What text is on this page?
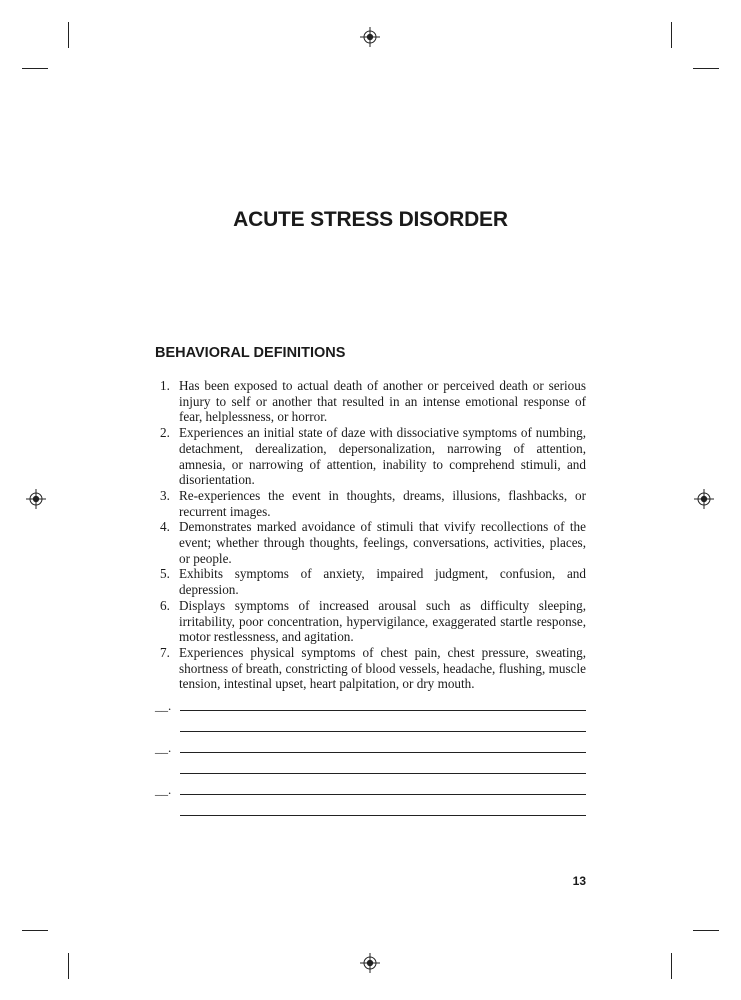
ACUTE STRESS DISORDER
BEHAVIORAL DEFINITIONS
1. Has been exposed to actual death of another or perceived death or serious injury to self or another that resulted in an intense emotional response of fear, helplessness, or horror.
2. Experiences an initial state of daze with dissociative symptoms of numbing, detachment, derealization, depersonalization, narrowing of attention, amnesia, or narrowing of attention, inability to comprehend stimuli, and disorientation.
3. Re-experiences the event in thoughts, dreams, illusions, flashbacks, or recurrent images.
4. Demonstrates marked avoidance of stimuli that vivify recollections of the event; whether through thoughts, feelings, conversations, activities, places, or people.
5. Exhibits symptoms of anxiety, impaired judgment, confusion, and depression.
6. Displays symptoms of increased arousal such as difficulty sleeping, irritability, poor concentration, hypervigilance, exaggerated startle response, motor restlessness, and agitation.
7. Experiences physical symptoms of chest pain, chest pressure, sweating, shortness of breath, constricting of blood vessels, headache, flushing, muscle tension, intestinal upset, heart palpitation, or dry mouth.
__.
__.
__.
13
